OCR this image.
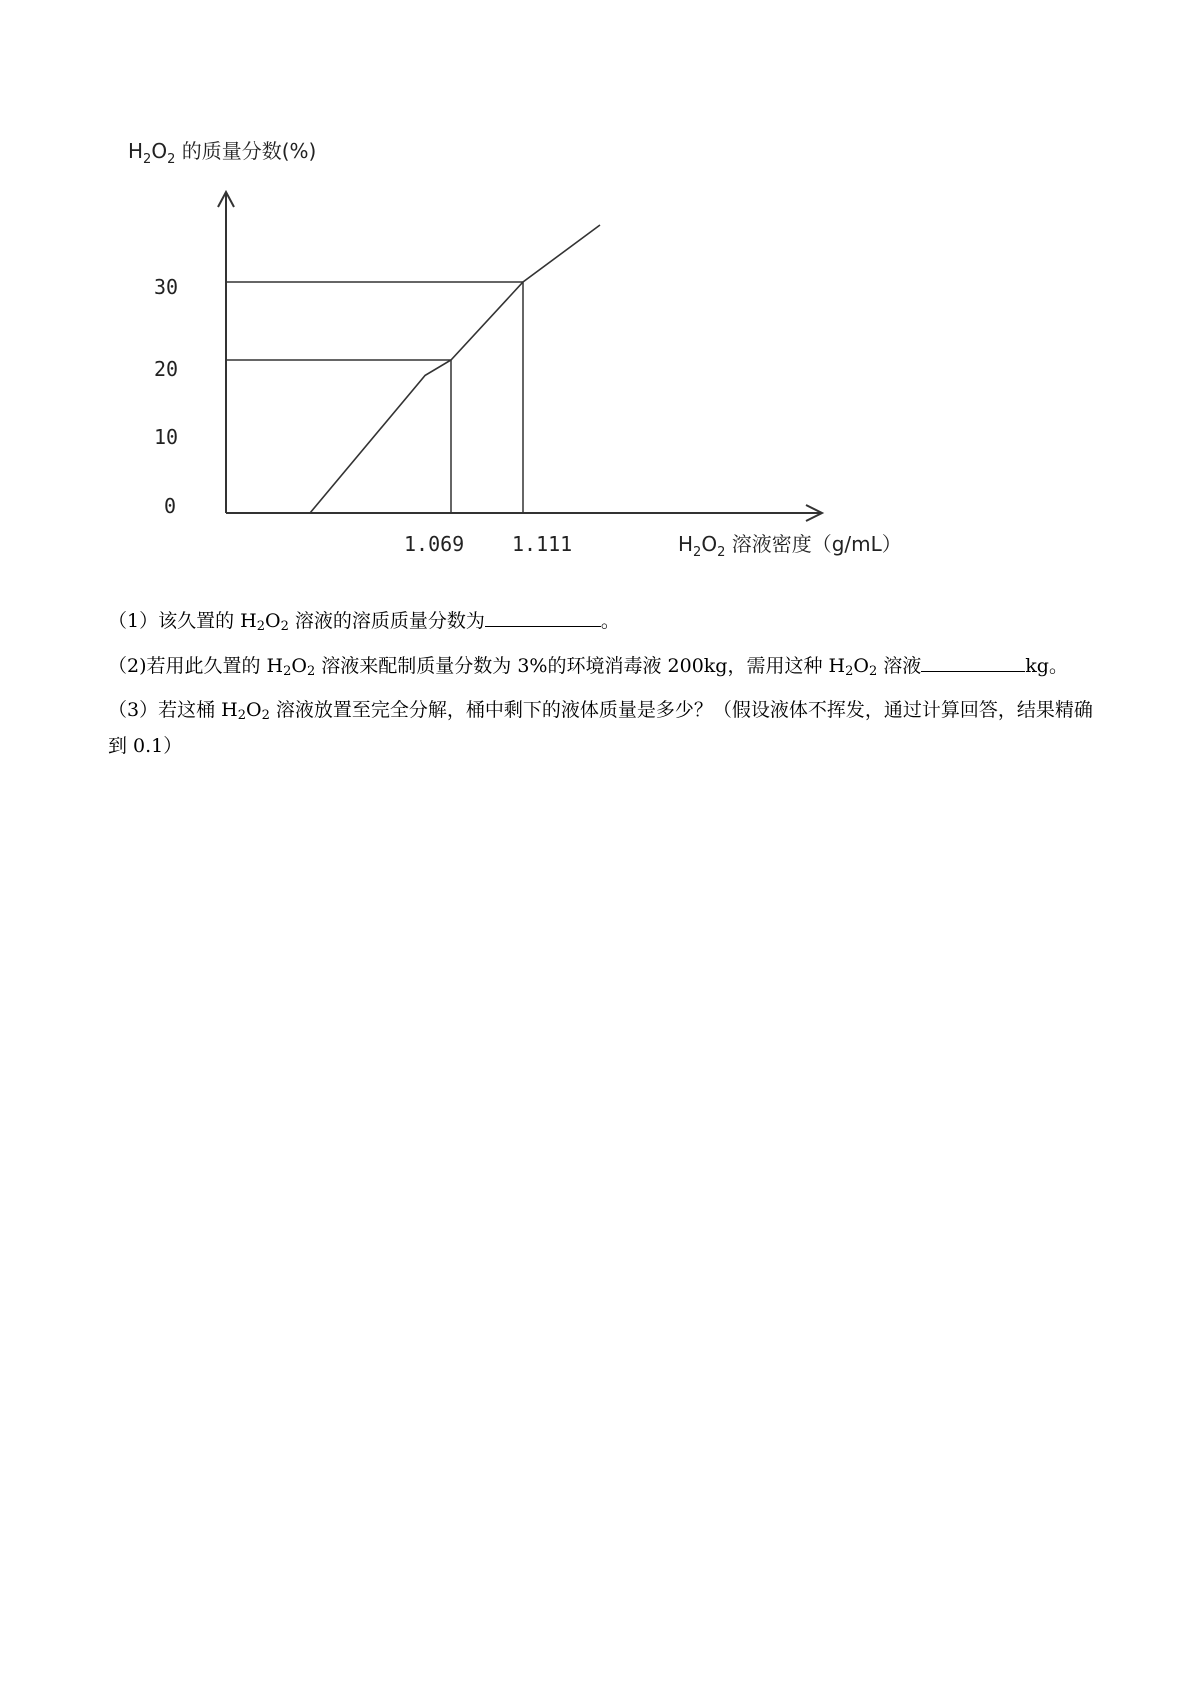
$H_2O_2$ 的质量分数(%)
30
20
10
0
1.069 1.111	$H_2O_2$ 溶液密度（g/mL）

（1）该久置的 $H_2O_2$ 溶液的溶质质量分数为	。

（2)若用此久置的 $H_2O_2$ 溶液来配制质量分数为 3%的环境消毒液 200kg，需用这种 $H_2O_2$ 溶液	kg。

（3）若这桶 $H_2O_2$ 溶液放置至完全分解，桶中剩下的液体质量是多少？（假设液体不挥发，通过计算回答，结果精确到 0.1）
